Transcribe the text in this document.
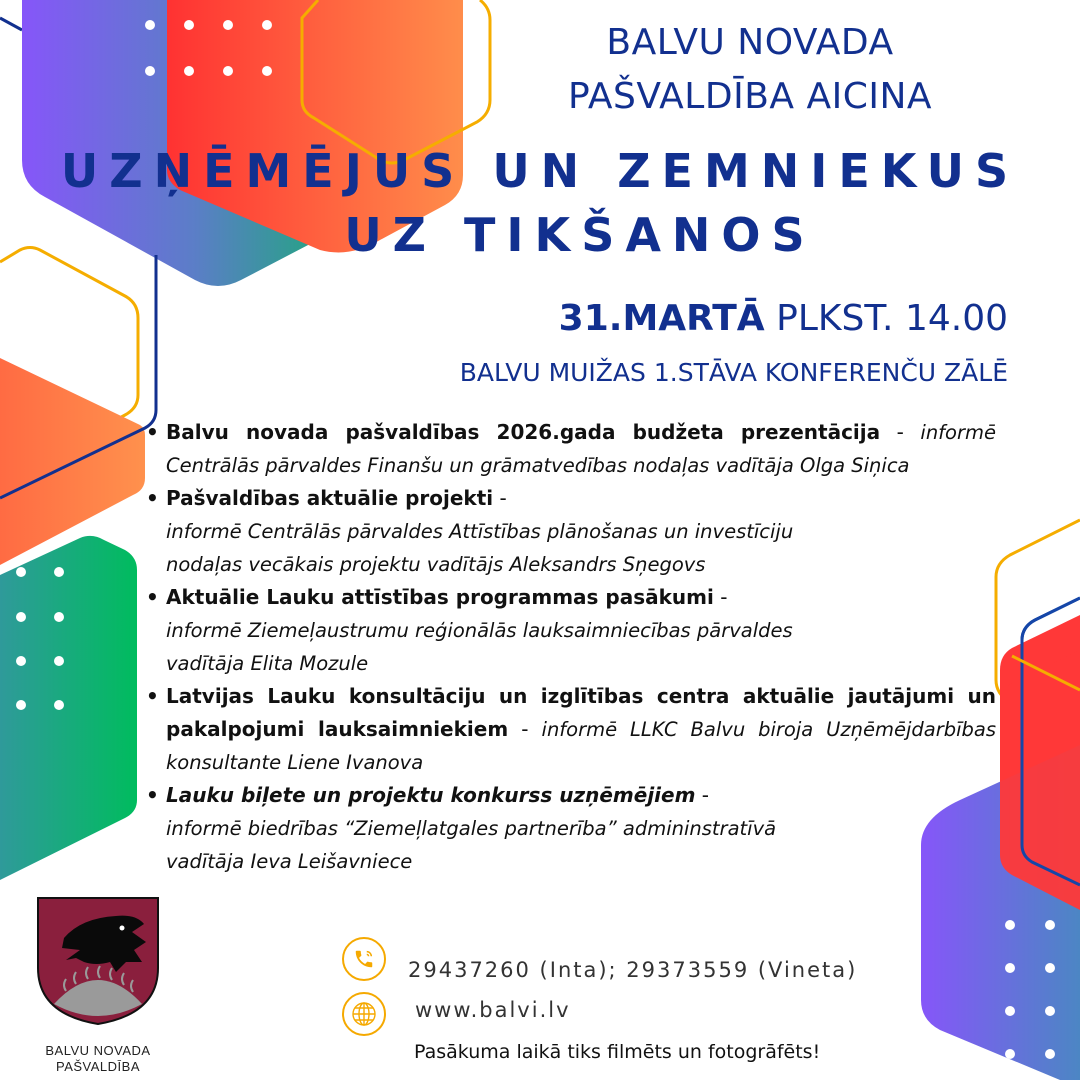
BALVU NOVADA
PAŠVALDĪBA AICINA
UZŅĒMĒJUS UN ZEMNIEKUS
UZ TIKŠANOS
31.MARTĀ PLKST. 14.00
BALVU MUIŽAS 1.STĀVA KONFERENČU ZĀLĒ
• Balvu novada pašvaldības 2026.gada budžeta prezentācija - informē Centrālās pārvaldes Finanšu un grāmatvedības nodaļas vadītāja Olga Siņica
• Pašvaldības aktuālie projekti -
informē Centrālās pārvaldes Attīstības plānošanas un investīciju
nodaļas vecākais projektu vadītājs Aleksandrs Sņegovs
• Aktuālie Lauku attīstības programmas pasākumi -
informē Ziemeļaustrumu reģionālās lauksaimniecības pārvaldes
vadītāja Elita Mozule
• Latvijas Lauku konsultāciju un izglītības centra aktuālie jautājumi un pakalpojumi lauksaimniekiem - informē LLKC Balvu biroja Uzņēmējdarbības konsultante Liene Ivanova
• Lauku biļete un projektu konkurss uzņēmējiem -
informē biedrības “Ziemeļlatgales partnerība” admininstratīvā
vadītāja Ieva Leišavniece
BALVU NOVADA
PAŠVALDĪBA
29437260 (Inta); 29373559 (Vineta)
www.balvi.lv
Pasākuma laikā tiks filmēts un fotogrāfēts!
